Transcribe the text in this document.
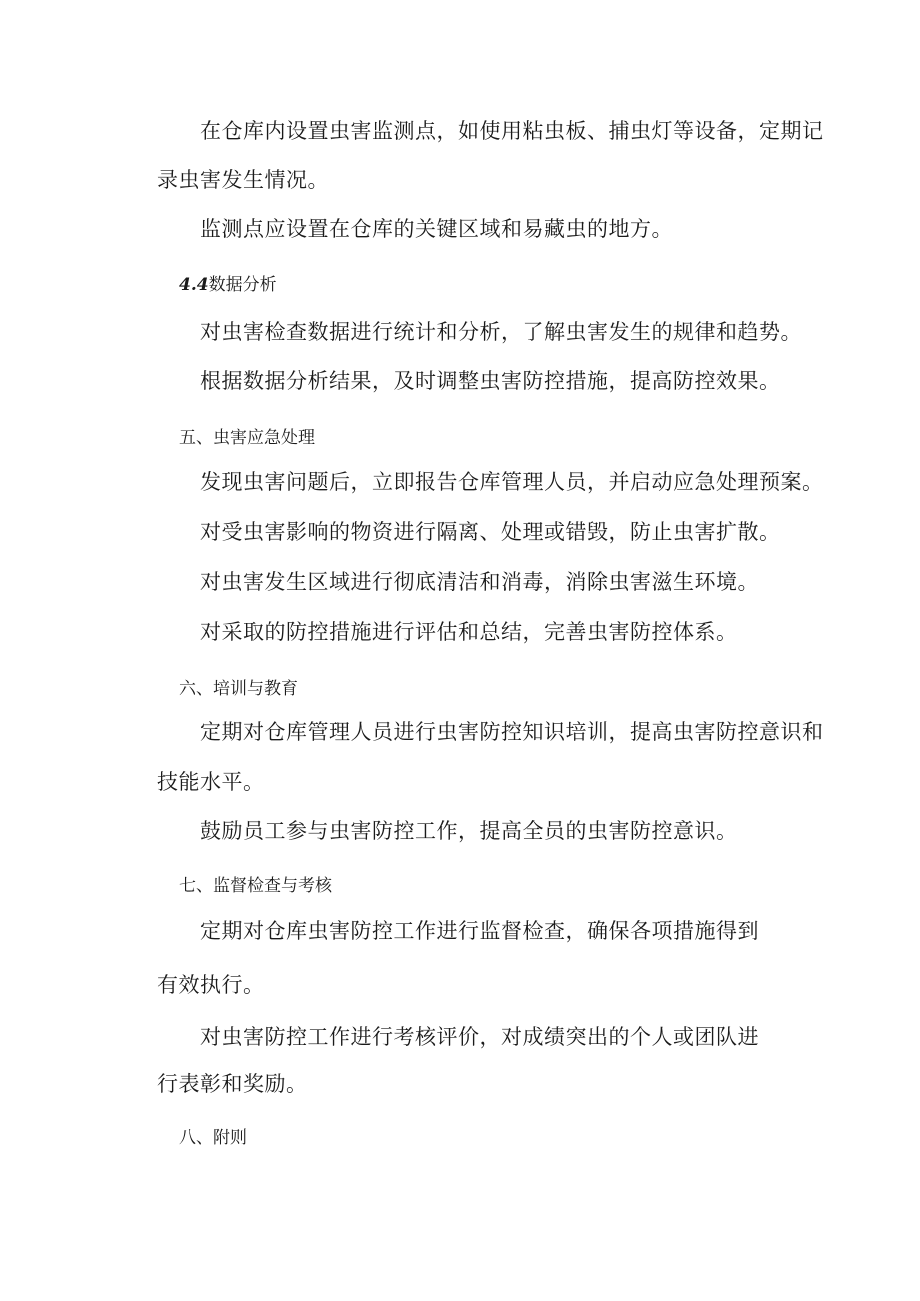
在仓库内设置虫害监测点，如使用粘虫板、捕虫灯等设备，定期记

录虫害发生情况。

监测点应设置在仓库的关键区域和易藏虫的地方。

4.4数据分析

对虫害检查数据进行统计和分析，了解虫害发生的规律和趋势。

根据数据分析结果，及时调整虫害防控措施，提高防控效果。

五、虫害应急处理

发现虫害问题后，立即报告仓库管理人员，并启动应急处理预案。

对受虫害影响的物资进行隔离、处理或错毁，防止虫害扩散。

对虫害发生区域进行彻底清洁和消毒，消除虫害滋生环境。

对采取的防控措施进行评估和总结，完善虫害防控体系。

六、培训与教育

定期对仓库管理人员进行虫害防控知识培训，提高虫害防控意识和

技能水平。

鼓励员工参与虫害防控工作，提高全员的虫害防控意识。

七、监督检查与考核

定期对仓库虫害防控工作进行监督检查，确保各项措施得到

有效执行。

对虫害防控工作进行考核评价，对成绩突出的个人或团队进

行表彰和奖励。

八、附则
